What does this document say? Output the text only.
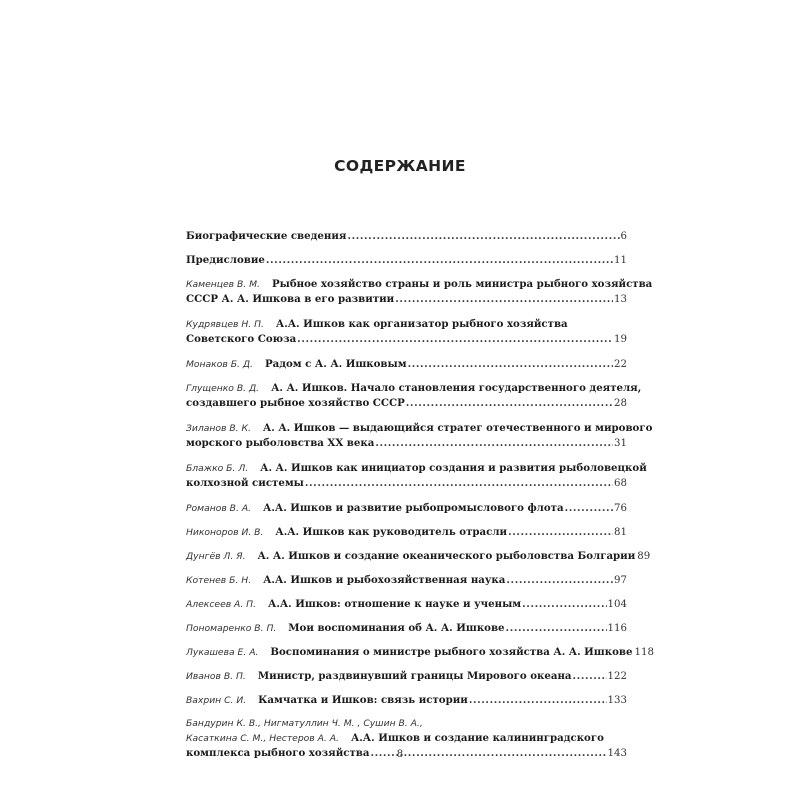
СОДЕРЖАНИЕ
Биографические сведения .....	6
Предисловие .....	11
Каменцев В. М. Рыбное хозяйство страны и роль министра рыбного хозяйства
СССР А. А. Ишкова в его развитии .....	13
Кудрявцев Н. П. А.А. Ишков как организатор рыбного хозяйства
Советского Союза .....	19
Монаков Б. Д. Радом с А. А. Ишковым .....	22
Глущенко В. Д. А. А. Ишков. Начало становления государственного деятеля,
создавшего рыбное хозяйство СССР .....	28
Зиланов В. К. А. А. Ишков — выдающийся стратег отечественного и мирового
морского рыболовства XX века .....	31
Блажко Б. Л. А. А. Ишков как инициатор создания и развития рыболовецкой
колхозной системы .....	68
Романов В. А. А.А. Ишков и развитие рыбопромыслового флота .....	76
Никоноров И. В. А.А. Ишков как руководитель отрасли .....	81
Дунгёв Л. Я. А. А. Ишков и создание океанического рыболовства Болгарии 89
Котенев Б. Н. А.А. Ишков и рыбохозяйственная наука .....	97
Алексеев А. П. А.А. Ишков: отношение к науке и ученым .....	104
Пономаренко В. П. Мои воспоминания об А. А. Ишкове .....	116
Лукашева Е. А. Воспоминания о министре рыбного хозяйства А. А. Ишкове 118
Иванов В. П. Министр, раздвинувший границы Мирового океана .....	122
Вахрин С. И. Камчатка и Ишков: связь истории .....	133
Бандурин К. В., Нигматуллин Ч. М. , Сушин В. А.,
Касаткина С. М., Нестеров А. А. А.А. Ишков и создание калининградского
комплекса рыбного хозяйства .....	143
8
